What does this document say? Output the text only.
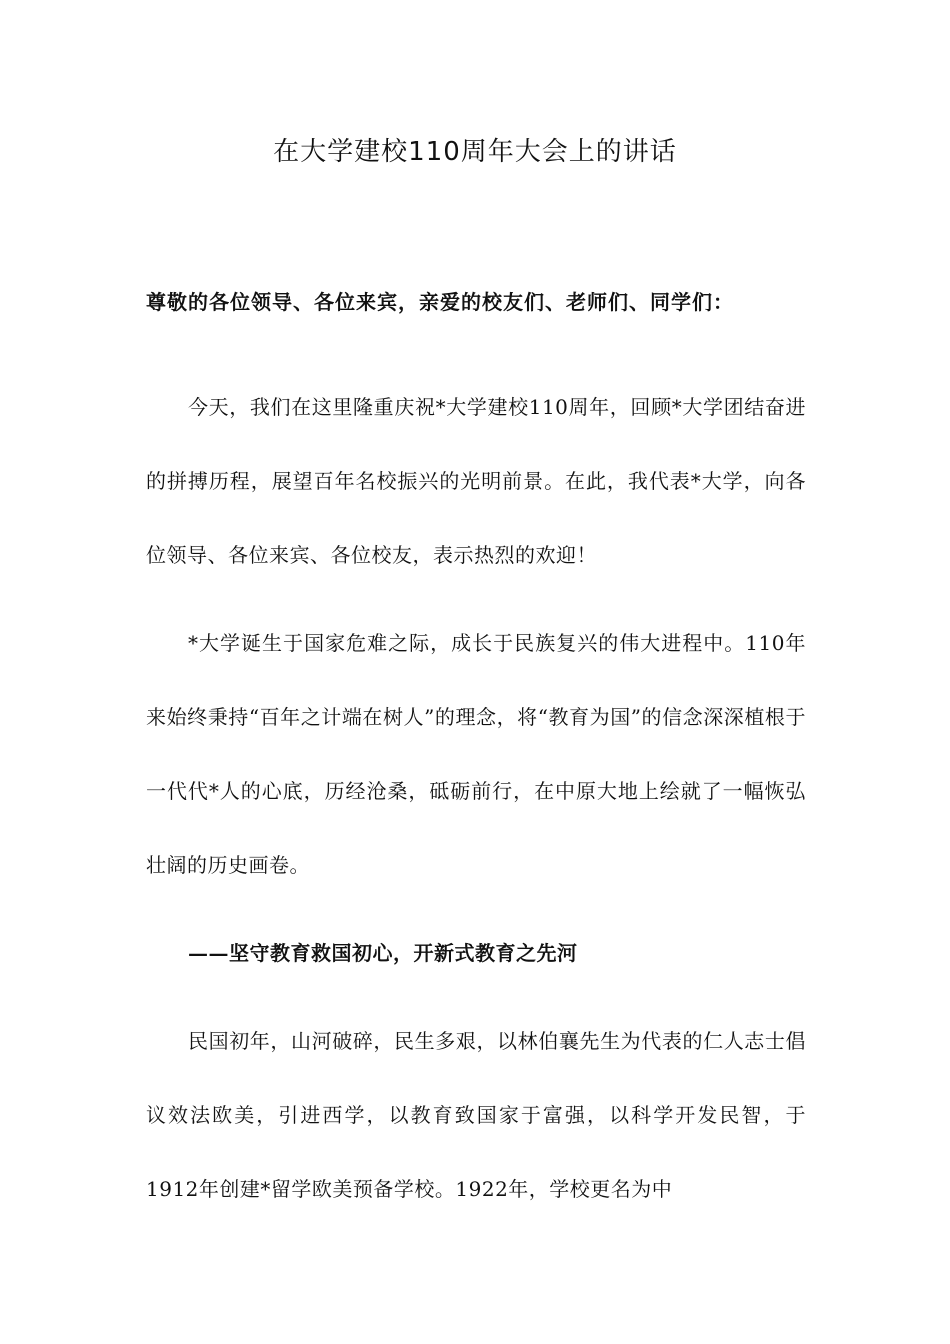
在大学建校110周年大会上的讲话

尊敬的各位领导、各位来宾，亲爱的校友们、老师们、同学们：

今天，我们在这里隆重庆祝*大学建校110周年，回顾*大学团结奋进的拼搏历程，展望百年名校振兴的光明前景。在此，我代表*大学，向各位领导、各位来宾、各位校友，表示热烈的欢迎！

*大学诞生于国家危难之际，成长于民族复兴的伟大进程中。110年来始终秉持“百年之计端在树人”的理念，将“教育为国”的信念深深植根于一代代*人的心底，历经沧桑，砥砺前行，在中原大地上绘就了一幅恢弘壮阔的历史画卷。

——坚守教育救国初心，开新式教育之先河

民国初年，山河破碎，民生多艰，以林伯襄先生为代表的仁人志士倡议效法欧美，引进西学，以教育致国家于富强，以科学开发民智，于1912年创建*留学欧美预备学校。1922年，学校更名为中
